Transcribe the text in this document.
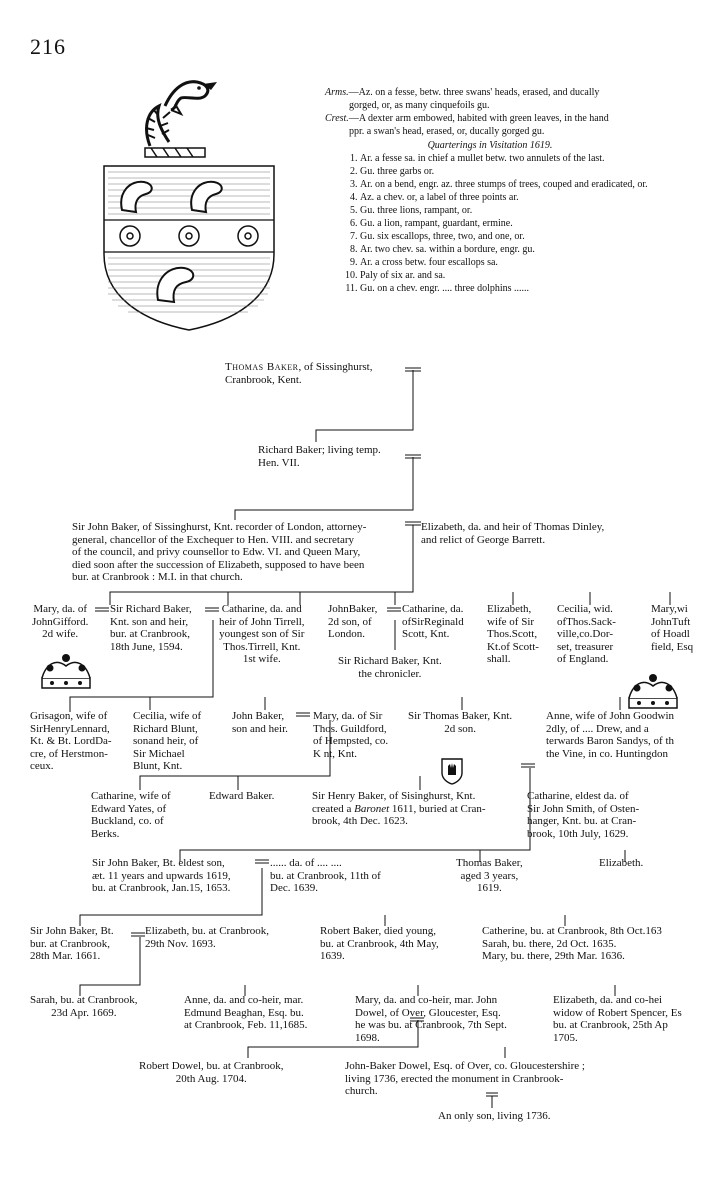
216

Arms.—Az. on a fesse, betw. three swans' heads, erased, and ducally

gorged, or, as many cinquefoils gu.

Crest.—A dexter arm embowed, habited with green leaves, in the hand

ppr. a swan's head, erased, or, ducally gorged gu.

Quarterings in Visitation 1619.

1. Ar. a fesse sa. in chief a mullet betw. two annulets of the last.
2. Gu. three garbs or.
3. Ar. on a bend, engr. az. three stumps of trees, couped and eradicated, or.
4. Az. a chev. or, a label of three points ar.
5. Gu. three lions, rampant, or.
6. Gu. a lion, rampant, guardant, ermine.
7. Gu. six escallops, three, two, and one, or.
8. Ar. two chev. sa. within a bordure, engr. gu.
9. Ar. a cross betw. four escallops sa.
10. Paly of six ar. and sa.
11. Gu. on a chev. engr. .... three dolphins ......
Thomas Baker, of Sissinghurst,
Cranbrook, Kent.
Richard Baker; living temp.
Hen. VII.
Sir John Baker, of Sissinghurst, Knt. recorder of London, attorney-
general, chancellor of the Exchequer to Hen. VIII. and secretary
of the council, and privy counsellor to Edw. VI. and Queen Mary,
died soon after the succession of Elizabeth, supposed to have been
bur. at Cranbrook : M.I. in that church.
Elizabeth, da. and heir of Thomas Dinley,
and relict of George Barrett.
Mary, da. of
JohnGifford.
2d wife.
Sir Richard Baker,
Knt. son and heir,
bur. at Cranbrook,
18th June, 1594.
Catharine, da. and
heir of John Tirrell,
youngest son of Sir
Thos.Tirrell, Knt.
1st wife.
JohnBaker,
2d son, of
London.
Catharine, da.
ofSirReginald
Scott, Knt.
Elizabeth,
wife of Sir
Thos.Scott,
Kt.of Scott-
shall.
Cecilia, wid.
ofThos.Sack-
ville,co.Dor-
set, treasurer
of England.
Mary,wi
JohnTuft
of Hoadl
field, Esq
Sir Richard Baker, Knt.
the chronicler.
Grisagon, wife of
SirHenryLennard,
Kt. & Bt. LordDa-
cre, of Herstmon-
ceux.
Cecilia, wife of
Richard Blunt,
sonand heir, of
Sir Michael
Blunt, Knt.
John Baker,
son and heir.
Mary, da. of Sir
Thos. Guildford,
of Hempsted, co.
K nt, Knt.
Sir Thomas Baker, Knt.
2d son.
Anne, wife of John Goodwin
2dly, of .... Drew, and a
terwards Baron Sandys, of th
the Vine, in co. Huntingdon
Catharine, wife of
Edward Yates, of
Buckland, co. of
Berks.
Edward Baker.	Sir Henry Baker, of Sisinghurst, Knt.
created a Baronet 1611, buried at Cran-
brook, 4th Dec. 1623.
Catharine, eldest da. of
Sir John Smith, of Osten-
hanger, Knt. bu. at Cran-
brook, 10th July, 1629.
Sir John Baker, Bt. eldest son,
æt. 11 years and upwards 1619,
bu. at Cranbrook, Jan.15, 1653.
...... da. of .... ....
bu. at Cranbrook, 11th of
Dec. 1639.
Thomas Baker,
aged 3 years,
1619.
Elizabeth.
Sir John Baker, Bt.
bur. at Cranbrook,
28th Mar. 1661.
Elizabeth, bu. at Cranbrook,
29th Nov. 1693.
Robert Baker, died young,
bu. at Cranbrook, 4th May,
1639.
Catherine, bu. at Cranbrook, 8th Oct.163
Sarah, bu. there, 2d Oct. 1635.
Mary, bu. there, 29th Mar. 1636.
Sarah, bu. at Cranbrook,
23d Apr. 1669.
Anne, da. and co-heir, mar.
Edmund Beaghan, Esq. bu.
at Cranbrook, Feb. 11,1685.
Mary, da. and co-heir, mar. John
Dowel, of Over, Gloucester, Esq.
he was bu. at Cranbrook, 7th Sept.
1698.
Elizabeth, da. and co-hei
widow of Robert Spencer, Es
bu. at Cranbrook, 25th Ap
1705.
Robert Dowel, bu. at Cranbrook,
20th Aug. 1704.
John-Baker Dowel, Esq. of Over, co. Gloucestershire ;
living 1736, erected the monument in Cranbrook-
church.
An only son, living 1736.
